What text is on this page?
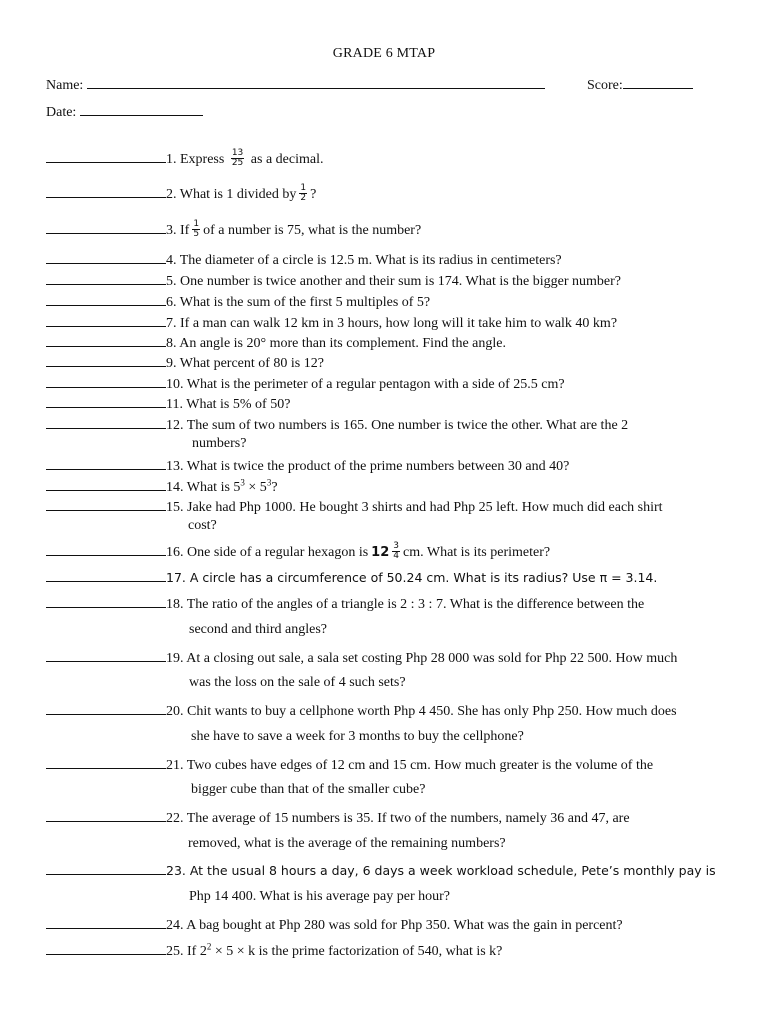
GRADE 6 MTAP
Name:	Score:
Date:
1. Express $\frac{13}{25}$ as a decimal.
2. What is 1 divided by $\frac{1}{2}$ ?
3. If $\frac{1}{5}$ of a number is 75, what is the number?
4. The diameter of a circle is 12.5 m. What is its radius in centimeters?
5. One number is twice another and their sum is 174. What is the bigger number?
6. What is the sum of the first 5 multiples of 5?
7. If a man can walk 12 km in 3 hours, how long will it take him to walk 40 km?
8. An angle is 20° more than its complement. Find the angle.
9. What percent of 80 is 12?
10. What is the perimeter of a regular pentagon with a side of 25.5 cm?
11. What is 5% of 50?
12. The sum of two numbers is 165. One number is twice the other. What are the 2
numbers?
13. What is twice the product of the prime numbers between 30 and 40?
14. What is $5^3 \times 5^3$?
15. Jake had Php 1000. He bought 3 shirts and had Php 25 left. How much did each shirt
cost?
16. One side of a regular hexagon is $12 \frac{3}{4}$ cm. What is its perimeter?
17. A circle has a circumference of 50.24 cm. What is its radius? Use π = 3.14.
18. The ratio of the angles of a triangle is 2 : 3 : 7. What is the difference between the
second and third angles?
19. At a closing out sale, a sala set costing Php 28 000 was sold for Php 22 500. How much
was the loss on the sale of 4 such sets?
20. Chit wants to buy a cellphone worth Php 4 450. She has only Php 250. How much does
she have to save a week for 3 months to buy the cellphone?
21. Two cubes have edges of 12 cm and 15 cm. How much greater is the volume of the
bigger cube than that of the smaller cube?
22. The average of 15 numbers is 35. If two of the numbers, namely 36 and 47, are
removed, what is the average of the remaining numbers?
23. At the usual 8 hours a day, 6 days a week workload schedule, Pete’s monthly pay is
Php 14 400. What is his average pay per hour?
24. A bag bought at Php 280 was sold for Php 350. What was the gain in percent?
25. If $2^2 \times 5 \times k$ is the prime factorization of 540, what is k?
